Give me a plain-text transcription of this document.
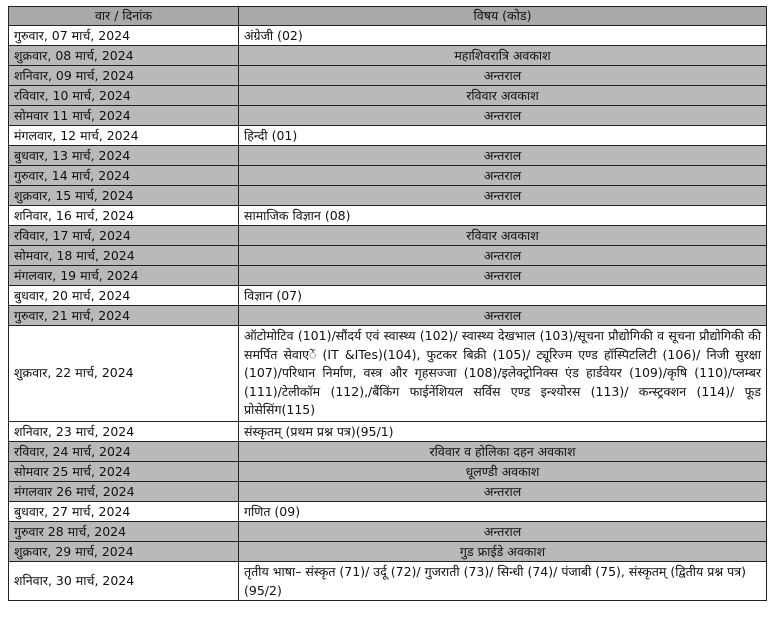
वार / दिनांक	विषय (कोड)
गुरुवार, 07 मार्च, 2024	अंग्रेजी (02)
शुक्रवार, 08 मार्च, 2024	महाशिवरात्रि अवकाश
शनिवार, 09 मार्च, 2024	अन्तराल
रविवार, 10 मार्च, 2024	रविवार अवकाश
सोमवार 11 मार्च, 2024	अन्तराल
मंगलवार, 12 मार्च, 2024	हिन्दी (01)
बुधवार, 13 मार्च, 2024	अन्तराल
गुरुवार, 14 मार्च, 2024	अन्तराल
शुक्रवार, 15 मार्च, 2024	अन्तराल
शनिवार, 16 मार्च, 2024	सामाजिक विज्ञान (08)
रविवार, 17 मार्च, 2024	रविवार अवकाश
सोमवार, 18 मार्च, 2024	अन्तराल
मंगलवार, 19 मार्च, 2024	अन्तराल
बुधवार, 20 मार्च, 2024	विज्ञान (07)
गुरुवार, 21 मार्च, 2024	अन्तराल
शुक्रवार, 22 मार्च, 2024	ऑटोमोटिव (101)/सौंदर्य एवं स्वास्थ्य (102)/ स्वास्थ्य देखभाल (103)/सूचना प्रौद्योगिकी व सूचना प्रौद्योगिकी की समर्पित सेवाएें (IT &ITes)(104), फुटकर बिक्री (105)/ ट्यूरिज्म एण्ड हॉस्पिटलिटी (106)/ निजी सुरक्षा (107)/परिधान निर्माण, वस्त्र और गृहसज्जा (108)/इलेक्ट्रोनिक्स एंड हार्डवेयर (109)/कृषि (110)/प्लम्बर (111)/टेलीकॉम (112),/बैंकिंग फाईनेंशियल सर्विस एण्ड इन्श्योरस (113)/ कन्स्ट्रक्शन (114)/ फूड प्रोसेसिंग(115)
शनिवार, 23 मार्च, 2024	संस्कृतम् (प्रथम प्रश्न पत्र)(95/1)
रविवार, 24 मार्च, 2024	रविवार व होलिका दहन अवकाश
सोमवार 25 मार्च, 2024	धूलण्डी अवकाश
मंगलवार 26 मार्च, 2024	अन्तराल
बुधवार, 27 मार्च, 2024	गणित (09)
गुरुवार 28 मार्च, 2024	अन्तराल
शुक्रवार, 29 मार्च, 2024	गुड फ्राईडे अवकाश
शनिवार, 30 मार्च, 2024	तृतीय भाषा– संस्कृत (71)/ उर्दू (72)/ गुजराती (73)/ सिन्धी (74)/ पंजाबी (75), संस्कृतम् (द्वितीय प्रश्न पत्र)(95/2)
